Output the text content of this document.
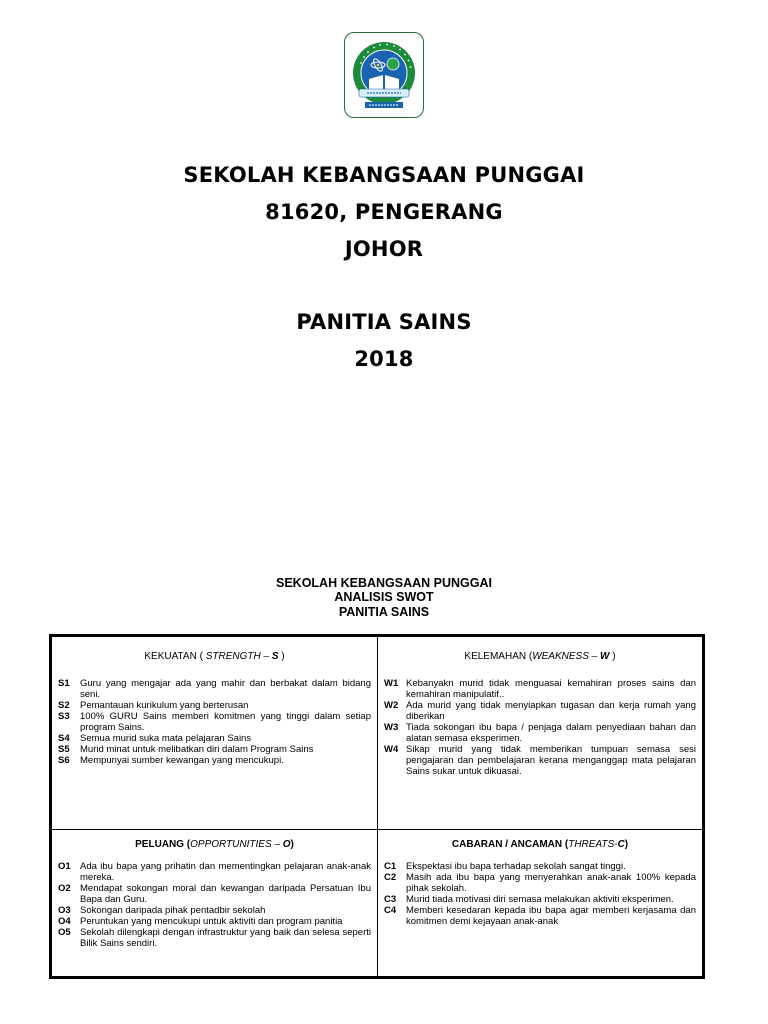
SEKOLAH KEBANGSAAN PUNGGAI
81620, PENGERANG
JOHOR
PANITIA SAINS
2018
SEKOLAH KEBANGSAAN PUNGGAI
ANALISIS SWOT
PANITIA SAINS
KEKUATAN ( STRENGTH – S )
S1	Guru yang mengajar ada yang mahir dan berbakat dalam bidang seni.
S2	Pemantauan kurikulum yang berterusan
S3	100% GURU Sains memberi komitmen yang tinggi dalam setiap program Sains.
S4	Semua murid suka mata pelajaran Sains
S5	Murid minat untuk melibatkan diri dalam Program Sains
S6	Mempunyai sumber kewangan yang mencukupi.
KELEMAHAN (WEAKNESS – W )
W1 Kebanyakn murid tidak menguasai kemahiran proses sains dan kemahiran manipulatif..
W2 Ada murid yang tidak menyiapkan tugasan dan kerja rumah yang diberikan
W3 Tiada sokongan ibu bapa / penjaga dalam penyediaan bahan dan alatan semasa eksperimen.
W4 Sikap murid yang tidak memberikan tumpuan semasa sesi pengajaran dan pembelajaran kerana menganggap mata pelajaran Sains sukar untuk dikuasai.
PELUANG (OPPORTUNITIES – O)
O1 Ada ibu bapa yang prihatin dan mementingkan pelajaran anak-anak mereka.
O2 Mendapat sokongan moral dan kewangan daripada Persatuan Ibu Bapa dan Guru.
O3 Sokongan daripada pihak pentadbir sekolah
O4 Peruntukan yang mencukupi untuk aktiviti dan program panitia
O5 Sekolah dilengkapi dengan infrastruktur yang baik dan selesa seperti Bilik Sains sendiri.
CABARAN / ANCAMAN (THREATS-C)
C1	Ekspektasi ibu bapa terhadap sekolah sangat tinggi.
C2	Masih ada ibu bapa yang menyerahkan anak-anak 100% kepada pihak sekolah.
C3	Murid tiada motivasi diri semasa melakukan aktiviti eksperimen.
C4	Memberi kesedaran kepada ibu bapa agar memberi kerjasama dan komitmen demi kejayaan anak-anak
